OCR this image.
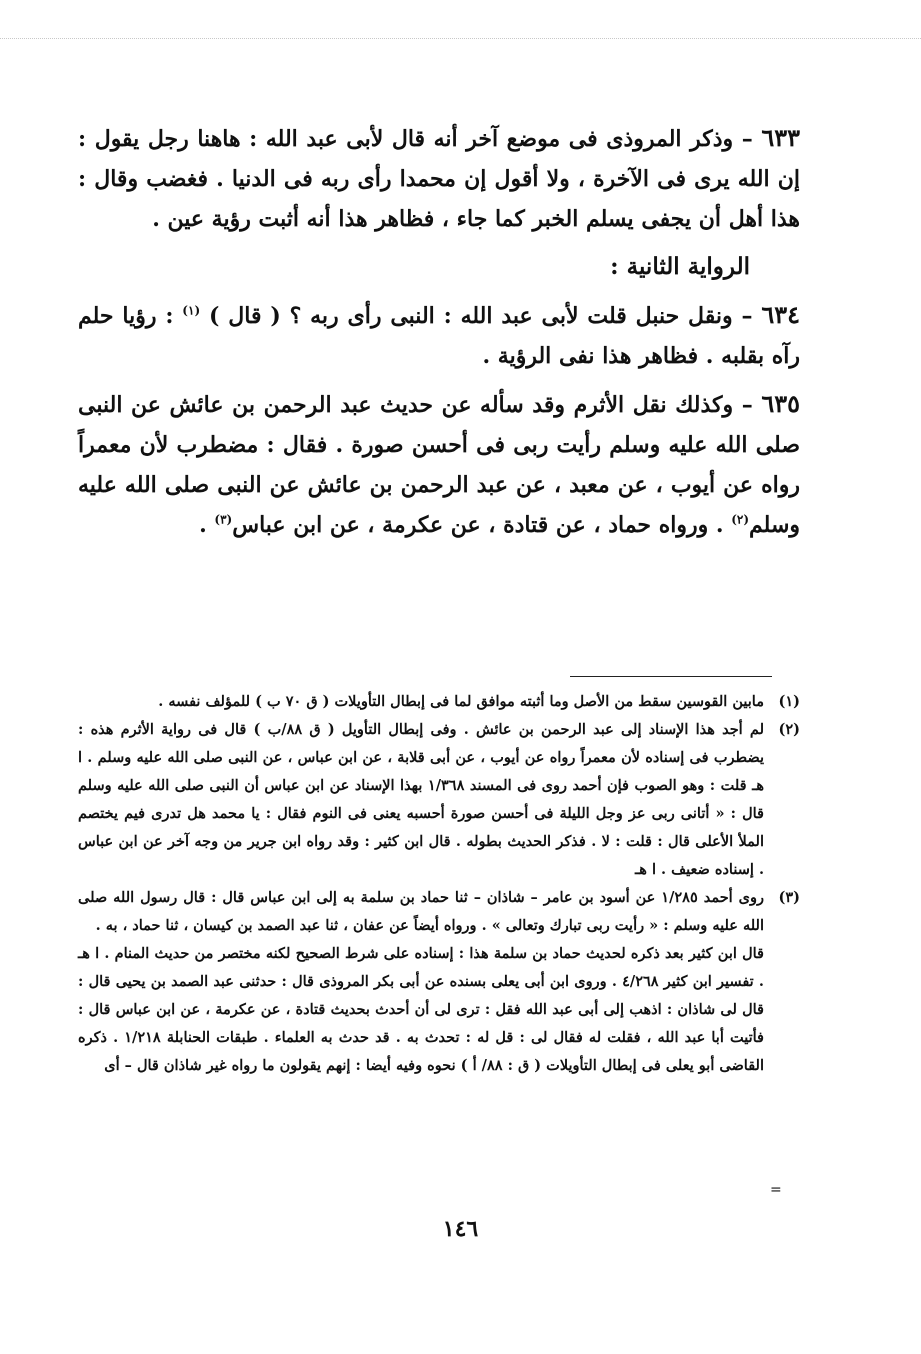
٦٣٣ – وذكر المروذى فى موضع آخر أنه قال لأبى عبد الله : هاهنا رجل يقول : إن الله يرى فى الآخرة ، ولا أقول إن محمدا رأى ربه فى الدنيا . فغضب وقال : هذا أهل أن يجفى يسلم الخبر كما جاء ، فظاهر هذا أنه أثبت رؤية عين .

الرواية الثانية :

٦٣٤ – ونقل حنبل قلت لأبى عبد الله : النبى رأى ربه ؟ ( قال ) $^{(١)}$ : رؤيا حلم رآه بقلبه . فظاهر هذا نفى الرؤية .

٦٣٥ – وكذلك نقل الأثرم وقد سأله عن حديث عبد الرحمن بن عائش عن النبى صلى الله عليه وسلم رأيت ربى فى أحسن صورة . فقال : مضطرب لأن معمراً رواه عن أيوب ، عن معبد ، عن عبد الرحمن بن عائش عن النبى صلى الله عليه وسلم$^{(٢)}$ . ورواه حماد ، عن قتادة ، عن عكرمة ، عن ابن عباس$^{(٣)}$ .

(١)
مابين القوسين سقط من الأصل وما أثبته موافق لما فى إبطال التأويلات ( ق ٧٠ ب ) للمؤلف نفسه .
(٢)
لم أجد هذا الإسناد إلى عبد الرحمن بن عائش . وفى إبطال التأويل ( ق ٨٨/ب ) قال فى رواية الأثرم هذه : يضطرب فى إسناده لأن معمراً رواه عن أيوب ، عن أبى قلابة ، عن ابن عباس ، عن النبى صلى الله عليه وسلم . ا هـ قلت : وهو الصوب فإن أحمد روى فى المسند ١/٣٦٨ بهذا الإسناد عن ابن عباس أن النبى صلى الله عليه وسلم قال : « أتانى ربى عز وجل الليلة فى أحسن صورة أحسبه يعنى فى النوم فقال : يا محمد هل تدرى فيم يختصم الملأ الأعلى قال : قلت : لا . فذكر الحديث بطوله . قال ابن كثير : وقد رواه ابن جرير من وجه آخر عن ابن عباس . إسناده ضعيف . ا هـ
(٣)
روى أحمد ١/٢٨٥ عن أسود بن عامر – شاذان – ثنا حماد بن سلمة به إلى ابن عباس قال : قال رسول الله صلى الله عليه وسلم : « رأيت ربى تبارك وتعالى » . ورواه أيضاً عن عفان ، ثنا عبد الصمد بن كيسان ، ثنا حماد ، به .
قال ابن كثير بعد ذكره لحديث حماد بن سلمة هذا : إسناده على شرط الصحيح لكنه مختصر من حديث المنام . ا هـ . تفسير ابن كثير ٤/٢٦٨ . وروى ابن أبى يعلى بسنده عن أبى بكر المروذى قال : حدثنى عبد الصمد بن يحيى قال : قال لى شاذان : اذهب إلى أبى عبد الله فقل : ترى لى أن أحدث بحديث قتادة ، عن عكرمة ، عن ابن عباس قال : فأتيت أبا عبد الله ، فقلت له فقال لى : قل له : تحدث به . قد حدث به العلماء . طبقات الحنابلة ١/٢١٨ . ذكره القاضى أبو يعلى فى إبطال التأويلات ( ق : ٨٨/ أ ) نحوه وفيه أيضا : إنهم يقولون ما رواه غير شاذان قال – أى
=
١٤٦
